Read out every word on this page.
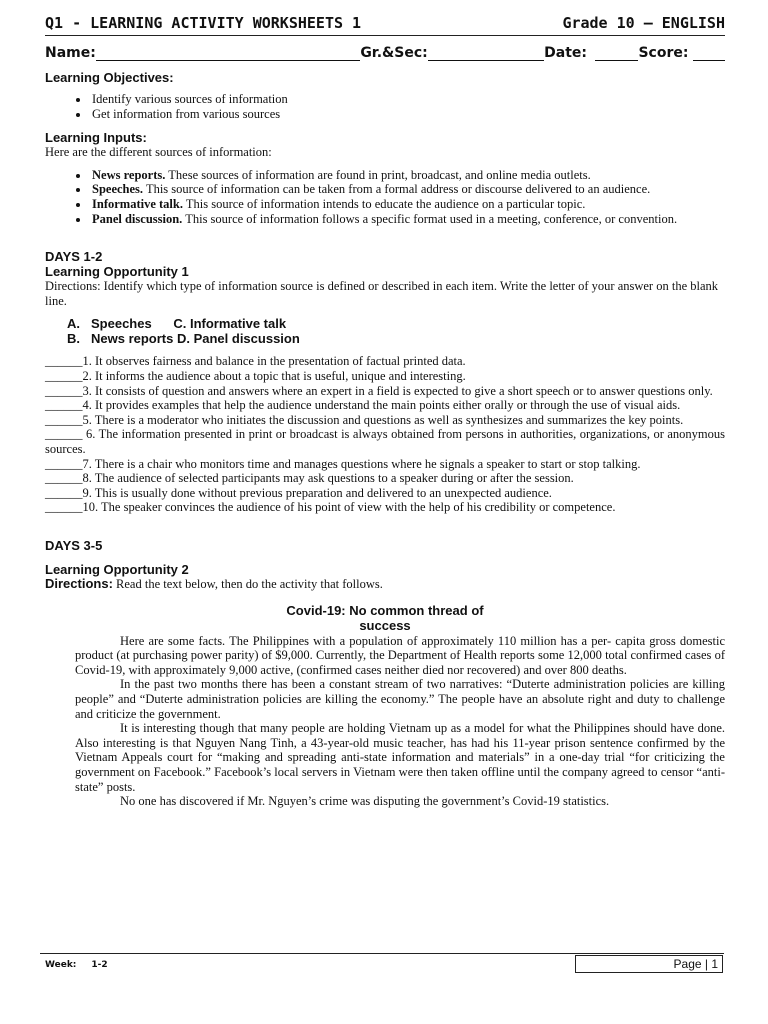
Q1 - LEARNING ACTIVITY WORKSHEETS 1	Grade 10 – ENGLISH
Name:	Gr.&Sec:	Date:	Score:
Learning Objectives:
• Identify various sources of information
• Get information from various sources
Learning Inputs:
Here are the different sources of information:
• News reports. These sources of information are found in print, broadcast, and online media outlets.
• Speeches. This source of information can be taken from a formal address or discourse delivered to an audience.
• Informative talk. This source of information intends to educate the audience on a particular topic.
• Panel discussion. This source of information follows a specific format used in a meeting, conference, or convention.
DAYS 1-2
Learning Opportunity 1
Directions: Identify which type of information source is defined or described in each item. Write the letter of your answer on the blank line.
A. Speeches      C. Informative talk
B. News reports D. Panel discussion
______1. It observes fairness and balance in the presentation of factual printed data.
______2. It informs the audience about a topic that is useful, unique and interesting.
______3. It consists of question and answers where an expert in a field is expected to give a short speech or to answer questions only.
______4. It provides examples that help the audience understand the main points either orally or through the use of visual aids.
______5. There is a moderator who initiates the discussion and questions as well as synthesizes and summarizes the key points.
______ 6. The information presented in print or broadcast is always obtained from persons in authorities, organizations, or anonymous sources.
______7. There is a chair who monitors time and manages questions where he signals a speaker to start or stop talking.
______8. The audience of selected participants may ask questions to a speaker during or after the session.
______9. This is usually done without previous preparation and delivered to an unexpected audience.
______10. The speaker convinces the audience of his point of view with the help of his credibility or competence.
DAYS 3-5
Learning Opportunity 2
Directions: Read the text below, then do the activity that follows.
Covid-19: No common thread of
success

Here are some facts. The Philippines with a population of approximately 110 million has a per- capita gross domestic product (at purchasing power parity) of $9,000. Currently, the Department of Health reports some 12,000 total confirmed cases of Covid-19, with approximately 9,000 active, (confirmed cases neither died nor recovered) and over 800 deaths.

In the past two months there has been a constant stream of two narratives: “Duterte administration policies are killing people” and “Duterte administration policies are killing the economy.” The people have an absolute right and duty to challenge and criticize the government.

It is interesting though that many people are holding Vietnam up as a model for what the Philippines should have done. Also interesting is that Nguyen Nang Tinh, a 43-year-old music teacher, has had his 11-year prison sentence confirmed by the Vietnam Appeals court for “making and spreading anti-state information and materials” in a one-day trial “for criticizing the government on Facebook.” Facebook’s local servers in Vietnam were then taken offline until the company agreed to censor “anti-state” posts.

No one has discovered if Mr. Nguyen’s crime was disputing the government’s Covid-19 statistics.

Week: 1-2	Page | 1
